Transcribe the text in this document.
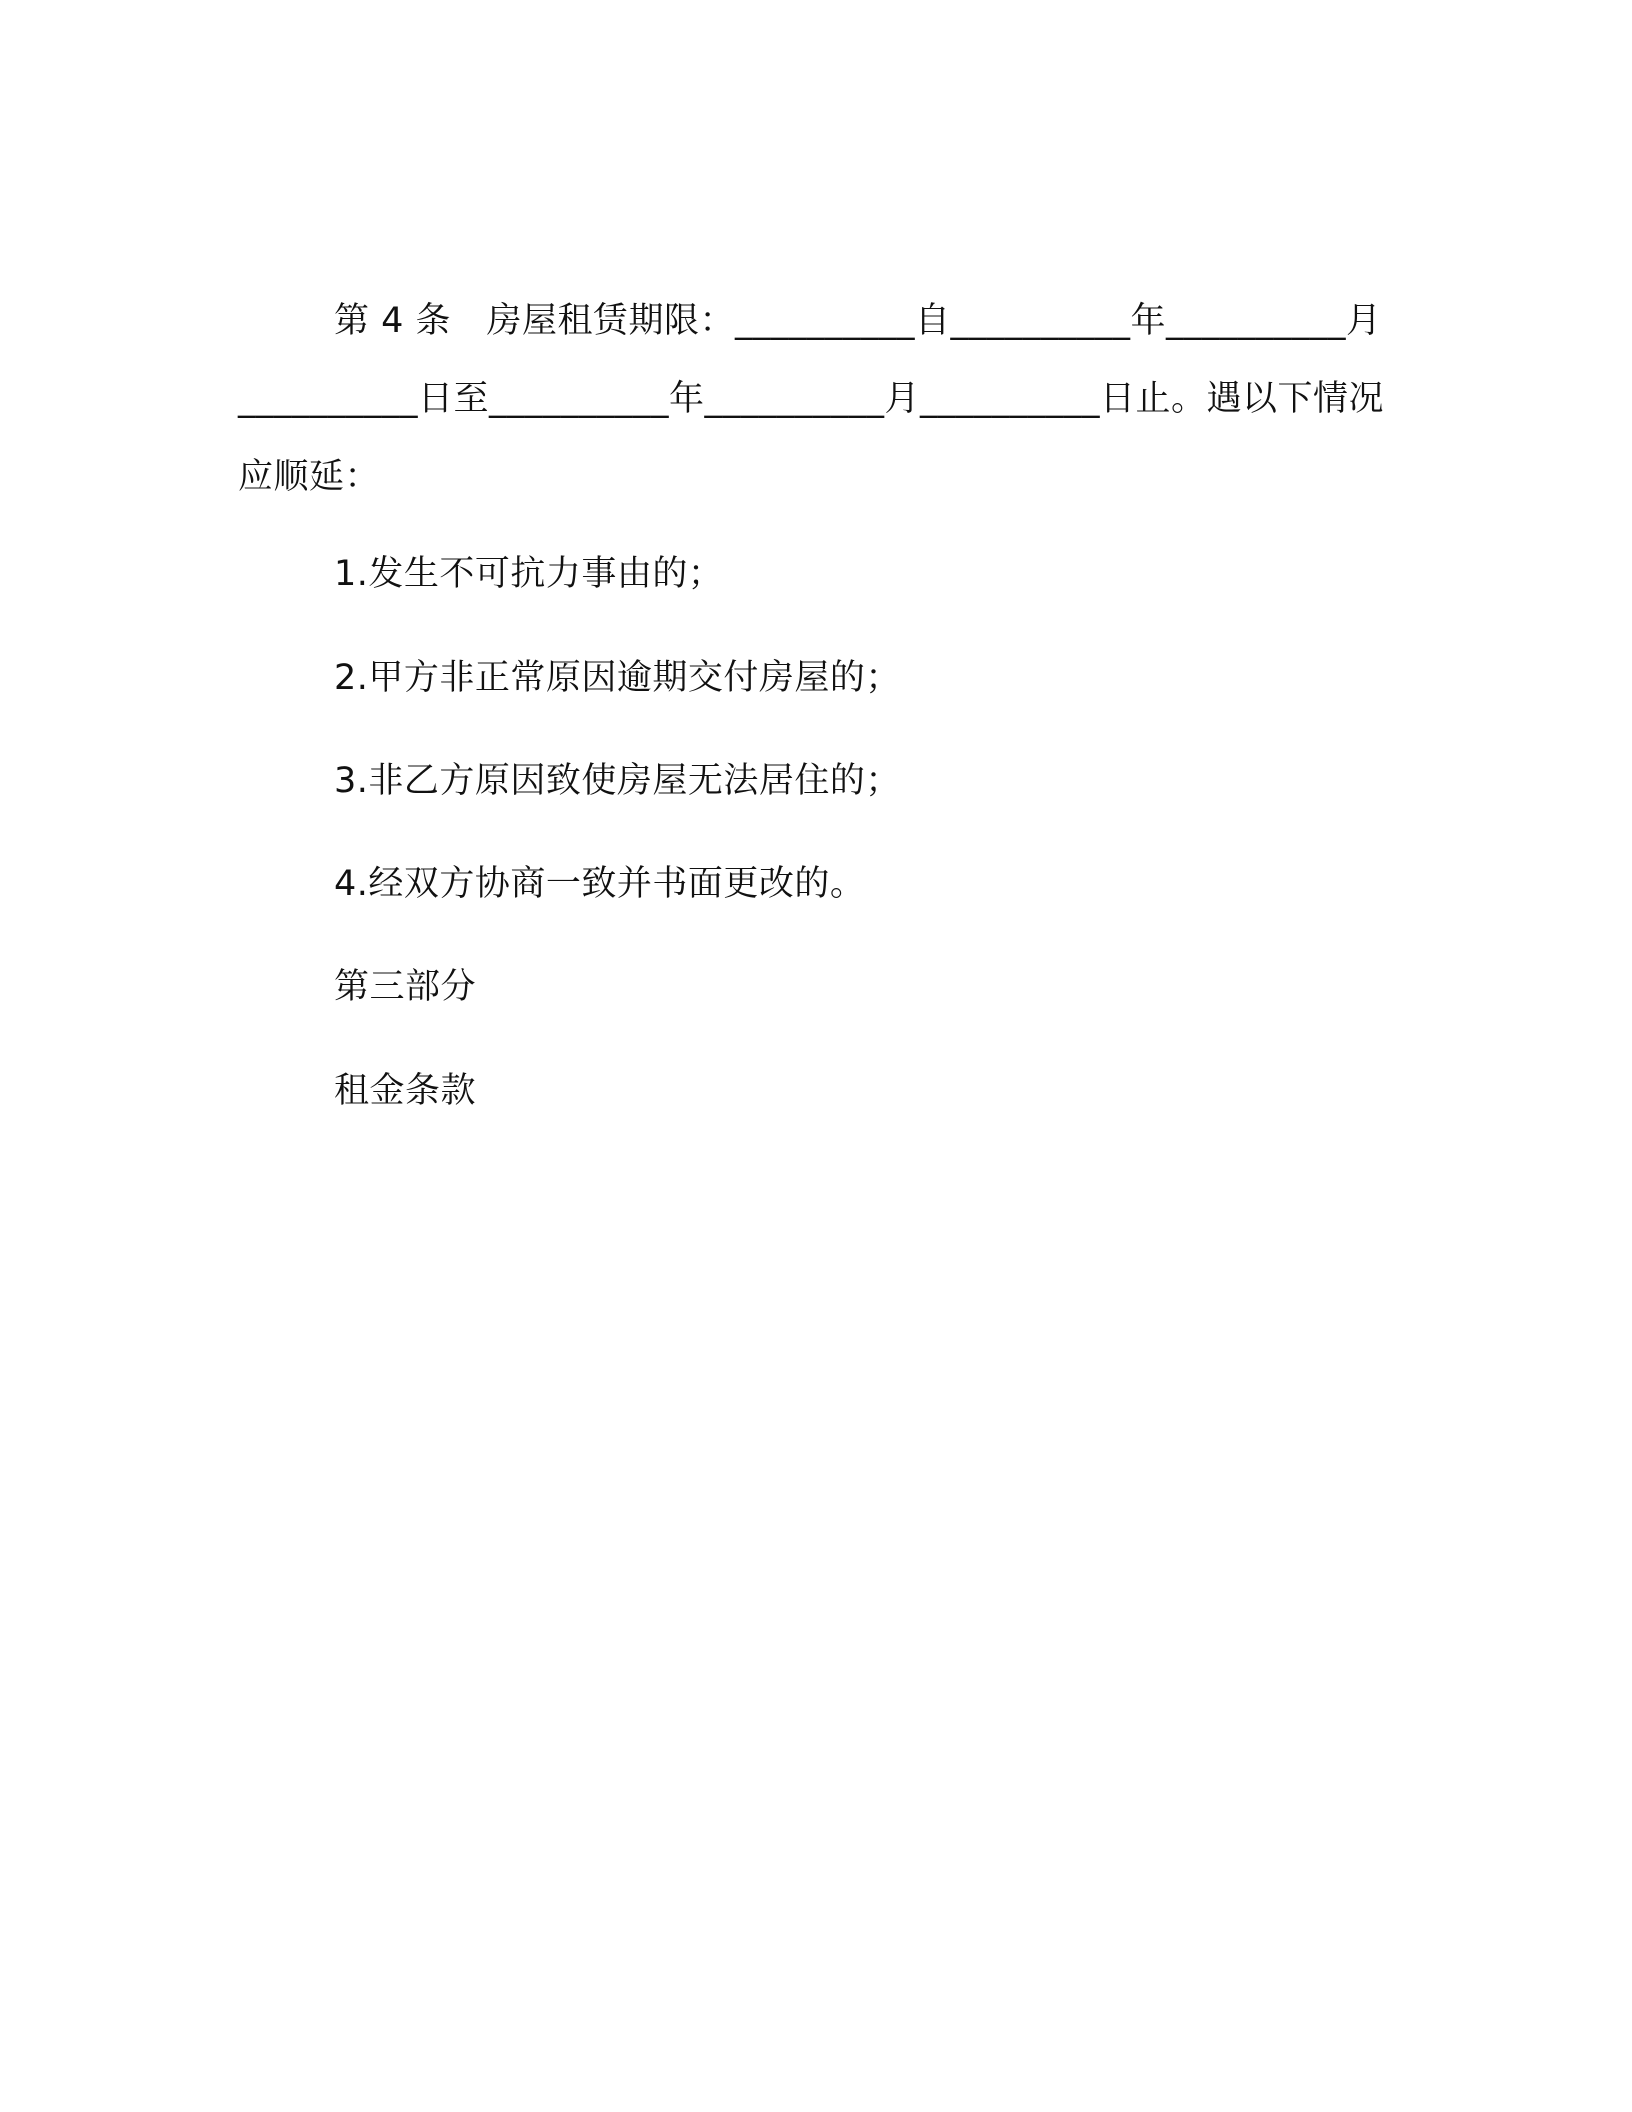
第 4 条　房屋租赁期限：__________自__________年__________月__________日至__________年__________月__________日止。遇以下情况应顺延：
1.发生不可抗力事由的；
2.甲方非正常原因逾期交付房屋的；
3.非乙方原因致使房屋无法居住的；
4.经双方协商一致并书面更改的。
第三部分
租金条款
